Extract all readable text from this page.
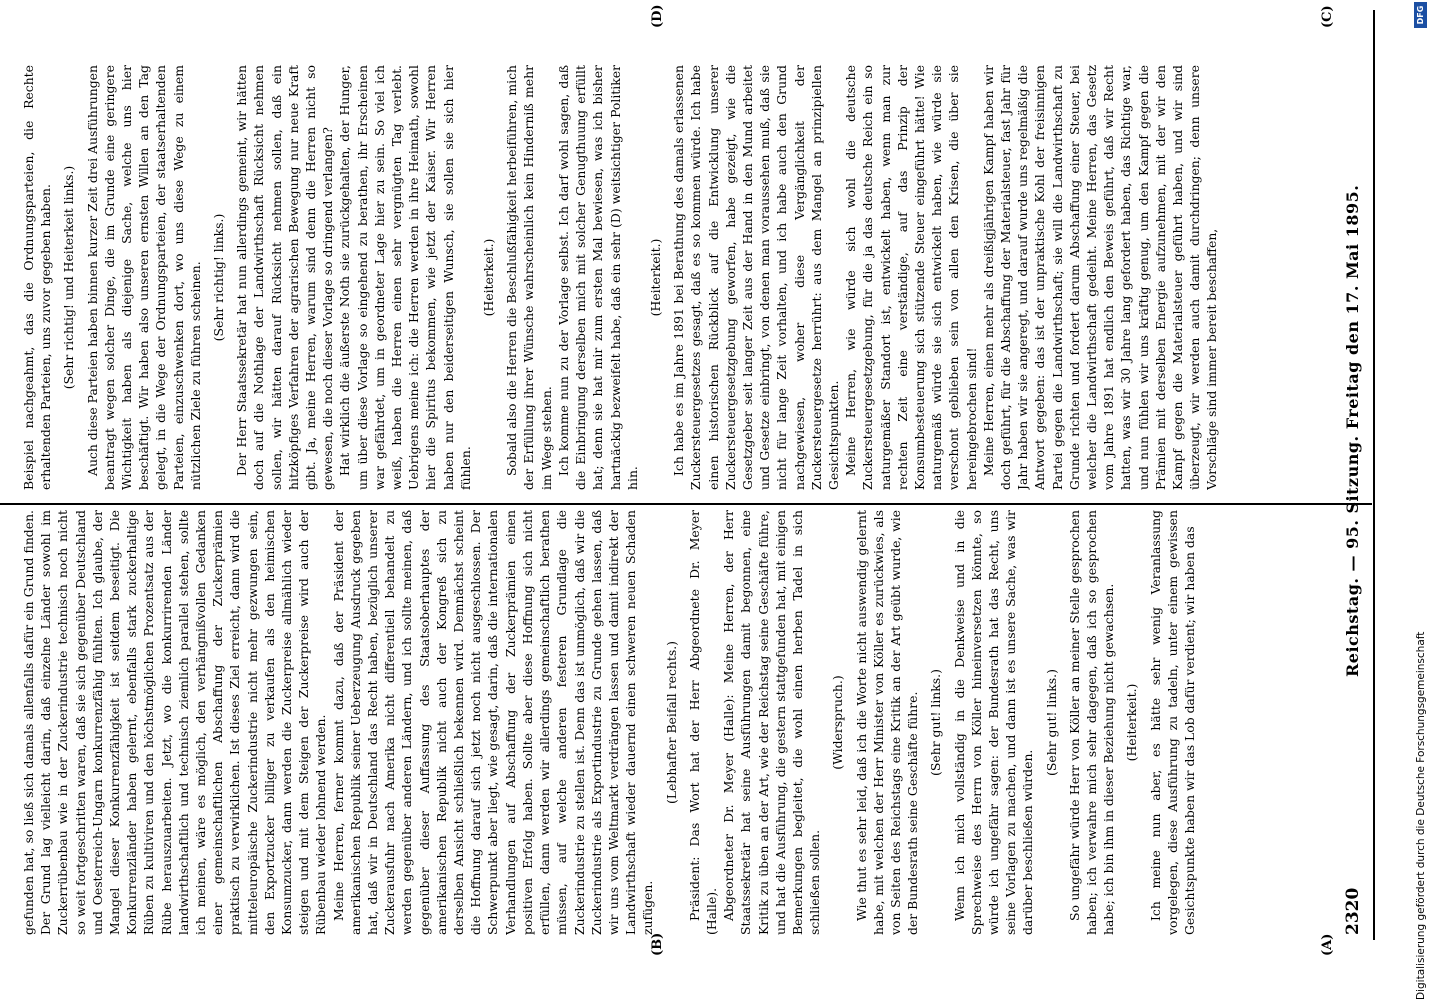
2320
Reichstag. — 95. Sitzung. Freitag den 17. Mai 1895.
(A)
(B)
(C)
(D)

gefunden hat, so ließ sich damals allenfalls dafür ein Grund finden. Der Grund lag vielleicht darin, daß einzelne Länder sowohl im Zuckerrübenbau wie in der Zuckerindustrie technisch noch nicht so weit fortgeschritten waren, daß sie sich gegenüber Deutschland und Oesterreich-Ungarn konkurrenzfähig fühlten. Ich glaube, der Mangel dieser Konkurrenzfähigkeit ist seitdem beseitigt. Die Konkurrenzländer haben gelernt, ebenfalls stark zuckerhaltige Rüben zu kultiviren und den höchstmöglichen Prozentsatz aus der Rübe herauszuarbeiten. Jetzt, wo die konkurrirenden Länder landwirthschaftlich und technisch ziemlich parallel stehen, sollte ich meinen, wäre es möglich, den verhängnißvollen Gedanken einer gemeinschaftlichen Abschaffung der Zuckerprämien praktisch zu verwirklichen. Ist dieses Ziel erreicht, dann wird die mitteleuropäische Zuckerindustrie nicht mehr gezwungen sein, den Exportzucker billiger zu verkaufen als den heimischen Konsumzucker, dann werden die Zuckerpreise allmählich wieder steigen und mit dem Steigen der Zuckerpreise wird auch der Rübenbau wieder lohnend werden. Meine Herren, ferner kommt dazu, daß der Präsident der amerikanischen Republik seiner Ueberzeugung Ausdruck gegeben hat, daß wir in Deutschland das Recht haben, bezüglich unserer Zuckerausfuhr nach Amerika nicht differentiell behandelt zu werden gegenüber anderen Ländern, und ich sollte meinen, daß gegenüber dieser Auffassung des Staatsoberhauptes der amerikanischen Republik nicht auch der Kongreß sich zu derselben Ansicht schließlich bekennen wird. Demnächst scheint die Hoffnung darauf sich jetzt noch nicht ausgeschlossen. Der Schwerpunkt aber liegt, wie gesagt, darin, daß die internationalen Verhandlungen auf Abschaffung der Zuckerprämien einen positiven Erfolg haben. Sollte aber diese Hoffnung sich nicht erfüllen, dann werden wir allerdings gemeinschaftlich berathen müssen, auf welche anderen festeren Grundlage die Zuckerindustrie zu stellen ist. Denn das ist unmöglich, daß wir die Zuckerindustrie als Exportindustrie zu Grunde gehen lassen, daß wir uns vom Weltmarkt verdrängen lassen und damit indirekt der Landwirthschaft wieder dauernd einen schweren neuen Schaden zufügen.

(Lebhafter Beifall rechts.) Präsident: Das Wort hat der Herr Abgeordnete Dr. Meyer (Halle). Abgeordneter Dr. Meyer (Halle): Meine Herren, der Herr Staatssekretär hat seine Ausführungen damit begonnen, eine Kritik zu üben an der Art, wie der Reichstag seine Geschäfte führe, und hat die Ausführung, die gestern stattgefunden hat, mit einigen Bemerkungen begleitet, die wohl einen herben Tadel in sich schließen sollen.

(Widerspruch.) Wie thut es sehr leid, daß ich die Worte nicht auswendig gelernt habe, mit welchen der Herr Minister von Köller es zurückwies, als von Seiten des Reichstags eine Kritik an der Art geübt wurde, wie der Bundesrath seine Geschäfte führe. (Sehr gut! links.) Wenn ich mich vollständig in die Denkweise und in die Sprechweise des Herrn von Köller hineinversetzen könnte, so würde ich ungefähr sagen: der Bundesrath hat das Recht, uns seine Vorlagen zu machen, und dann ist es unsere Sache, was wir darüber beschließen würden.

(Sehr gut! links.) So ungefähr würde Herr von Köller an meiner Stelle gesprochen haben; ich verwahre mich sehr dagegen, daß ich so gesprochen habe; ich bin ihm in dieser Beziehung nicht gewachsen. (Heiterkeit.) Ich meine nun aber, es hätte sehr wenig Veranlassung vorgelegen, diese Ausführung zu tadeln, unter einem gewissen Gesichtspunkte haben wir das Lob dafür verdient; wir haben das

Beispiel nachgeahmt, das die Ordnungsparteien, die Rechte erhaltenden Parteien, uns zuvor gegeben haben. (Sehr richtig! und Heiterkeit links.) Auch diese Parteien haben binnen kurzer Zeit drei Ausführungen beantragt wegen solcher Dinge, die im Grunde eine geringere Wichtigkeit haben als diejenige Sache, welche uns hier beschäftigt. Wir haben also unseren ernsten Willen an den Tag gelegt, in die Wege der Ordnungsparteien, der staatserhaltenden Parteien, einzuschwenken dort, wo uns diese Wege zu einem nützlichen Ziele zu führen scheinen. (Sehr richtig! links.) Der Herr Staatssekretär hat nun allerdings gemeint, wir hätten doch auf die Nothlage der Landwirthschaft Rücksicht nehmen sollen, wir hätten darauf Rücksicht nehmen sollen, daß ein hitzköpfiges Verfahren der agrarischen Bewegung nur neue Kraft gibt. Ja, meine Herren, warum sind denn die Herren nicht so gewesen, die noch dieser Vorlage so dringend verlangen? Hat wirklich die äußerste Noth sie zurückgehalten, der Hunger, um über diese Vorlage so eingehend zu berathen, ihr Erscheinen war gefährdet, um in geordneter Lage hier zu sein. So viel ich weiß, haben die Herren einen sehr vergnügten Tag verlebt. Uebrigens meine ich: die Herren werden in ihre Heimath, sowohl hier die Spiritus bekommen, wie jetzt der Kaiser. Wir Herren haben nur den beiderseitigen Wunsch, sie sollen sie sich hier fühlen.

(Heiterkeit.) Sobald also die Herren die Beschlußfähigkeit herbeiführen, mich der Erfüllung ihrer Wünsche wahrscheinlich kein Hinderniß mehr im Wege stehen. Ich komme nun zu der Vorlage selbst. Ich darf wohl sagen, daß die Einbringung derselben mich mit solcher Genugthuung erfüllt hat; denn sie hat mir zum ersten Mal bewiesen, was ich bisher hartnäckig bezweifelt habe, daß ein sehr (D) weitsichtiger Politiker hin.

(Heiterkeit.) Ich habe es im Jahre 1891 bei Berathung des damals erlassenen Zuckersteuergesetzes gesagt, daß es so kommen würde. Ich habe einen historischen Rückblick auf die Entwicklung unserer Zuckersteuergesetzgebung geworfen, habe gezeigt, wie die Gesetzgeber seit langer Zeit aus der Hand in den Mund arbeitet und Gesetze einbringt, von denen man voraussehen muß, daß sie nicht für lange Zeit vorhalten, und ich habe auch den Grund nachgewiesen, woher diese Vergänglichkeit der Zuckersteuergesetze herrührt: aus dem Mangel an prinzipiellen Gesichtspunkten. Meine Herren, wie würde sich wohl die deutsche Zuckersteuergesetzgebung, für die ja das deutsche Reich ein so naturgemäßer Standort ist, entwickelt haben, wenn man zur rechten Zeit eine verständige, auf das Prinzip der Konsumbesteuerung sich stützende Steuer eingeführt hätte! Wie naturgemäß würde sie sich entwickelt haben, wie würde sie verschont geblieben sein von allen den Krisen, die über sie hereingebrochen sind! Meine Herren, einen mehr als dreißigjährigen Kampf haben wir doch geführt, für die Abschaffung der Materialsteuer, fast Jahr für Jahr haben wir sie angeregt, und darauf wurde uns regelmäßig die Antwort gegeben: das ist der unpraktische Kohl der freisinnigen Partei gegen die Landwirthschaft; sie will die Landwirthschaft zu Grunde richten und fordert darum Abschaffung einer Steuer, bei welcher die Landwirthschaft gedeiht. Meine Herren, das Gesetz vom Jahre 1891 hat endlich den Beweis geführt, daß wir Recht hatten, was wir 30 Jahre lang gefordert haben, das Richtige war, und nun fühlen wir uns kräftig genug, um den Kampf gegen die Prämien mit derselben Energie aufzunehmen, mit der wir den Kampf gegen die Materialsteuer geführt haben, und wir sind überzeugt, wir werden auch damit durchdringen; denn unsere Vorschläge sind immer bereit beschaffen,

Digitalisierung gefördert durch die Deutsche Forschungsgemeinschaft
DFG
